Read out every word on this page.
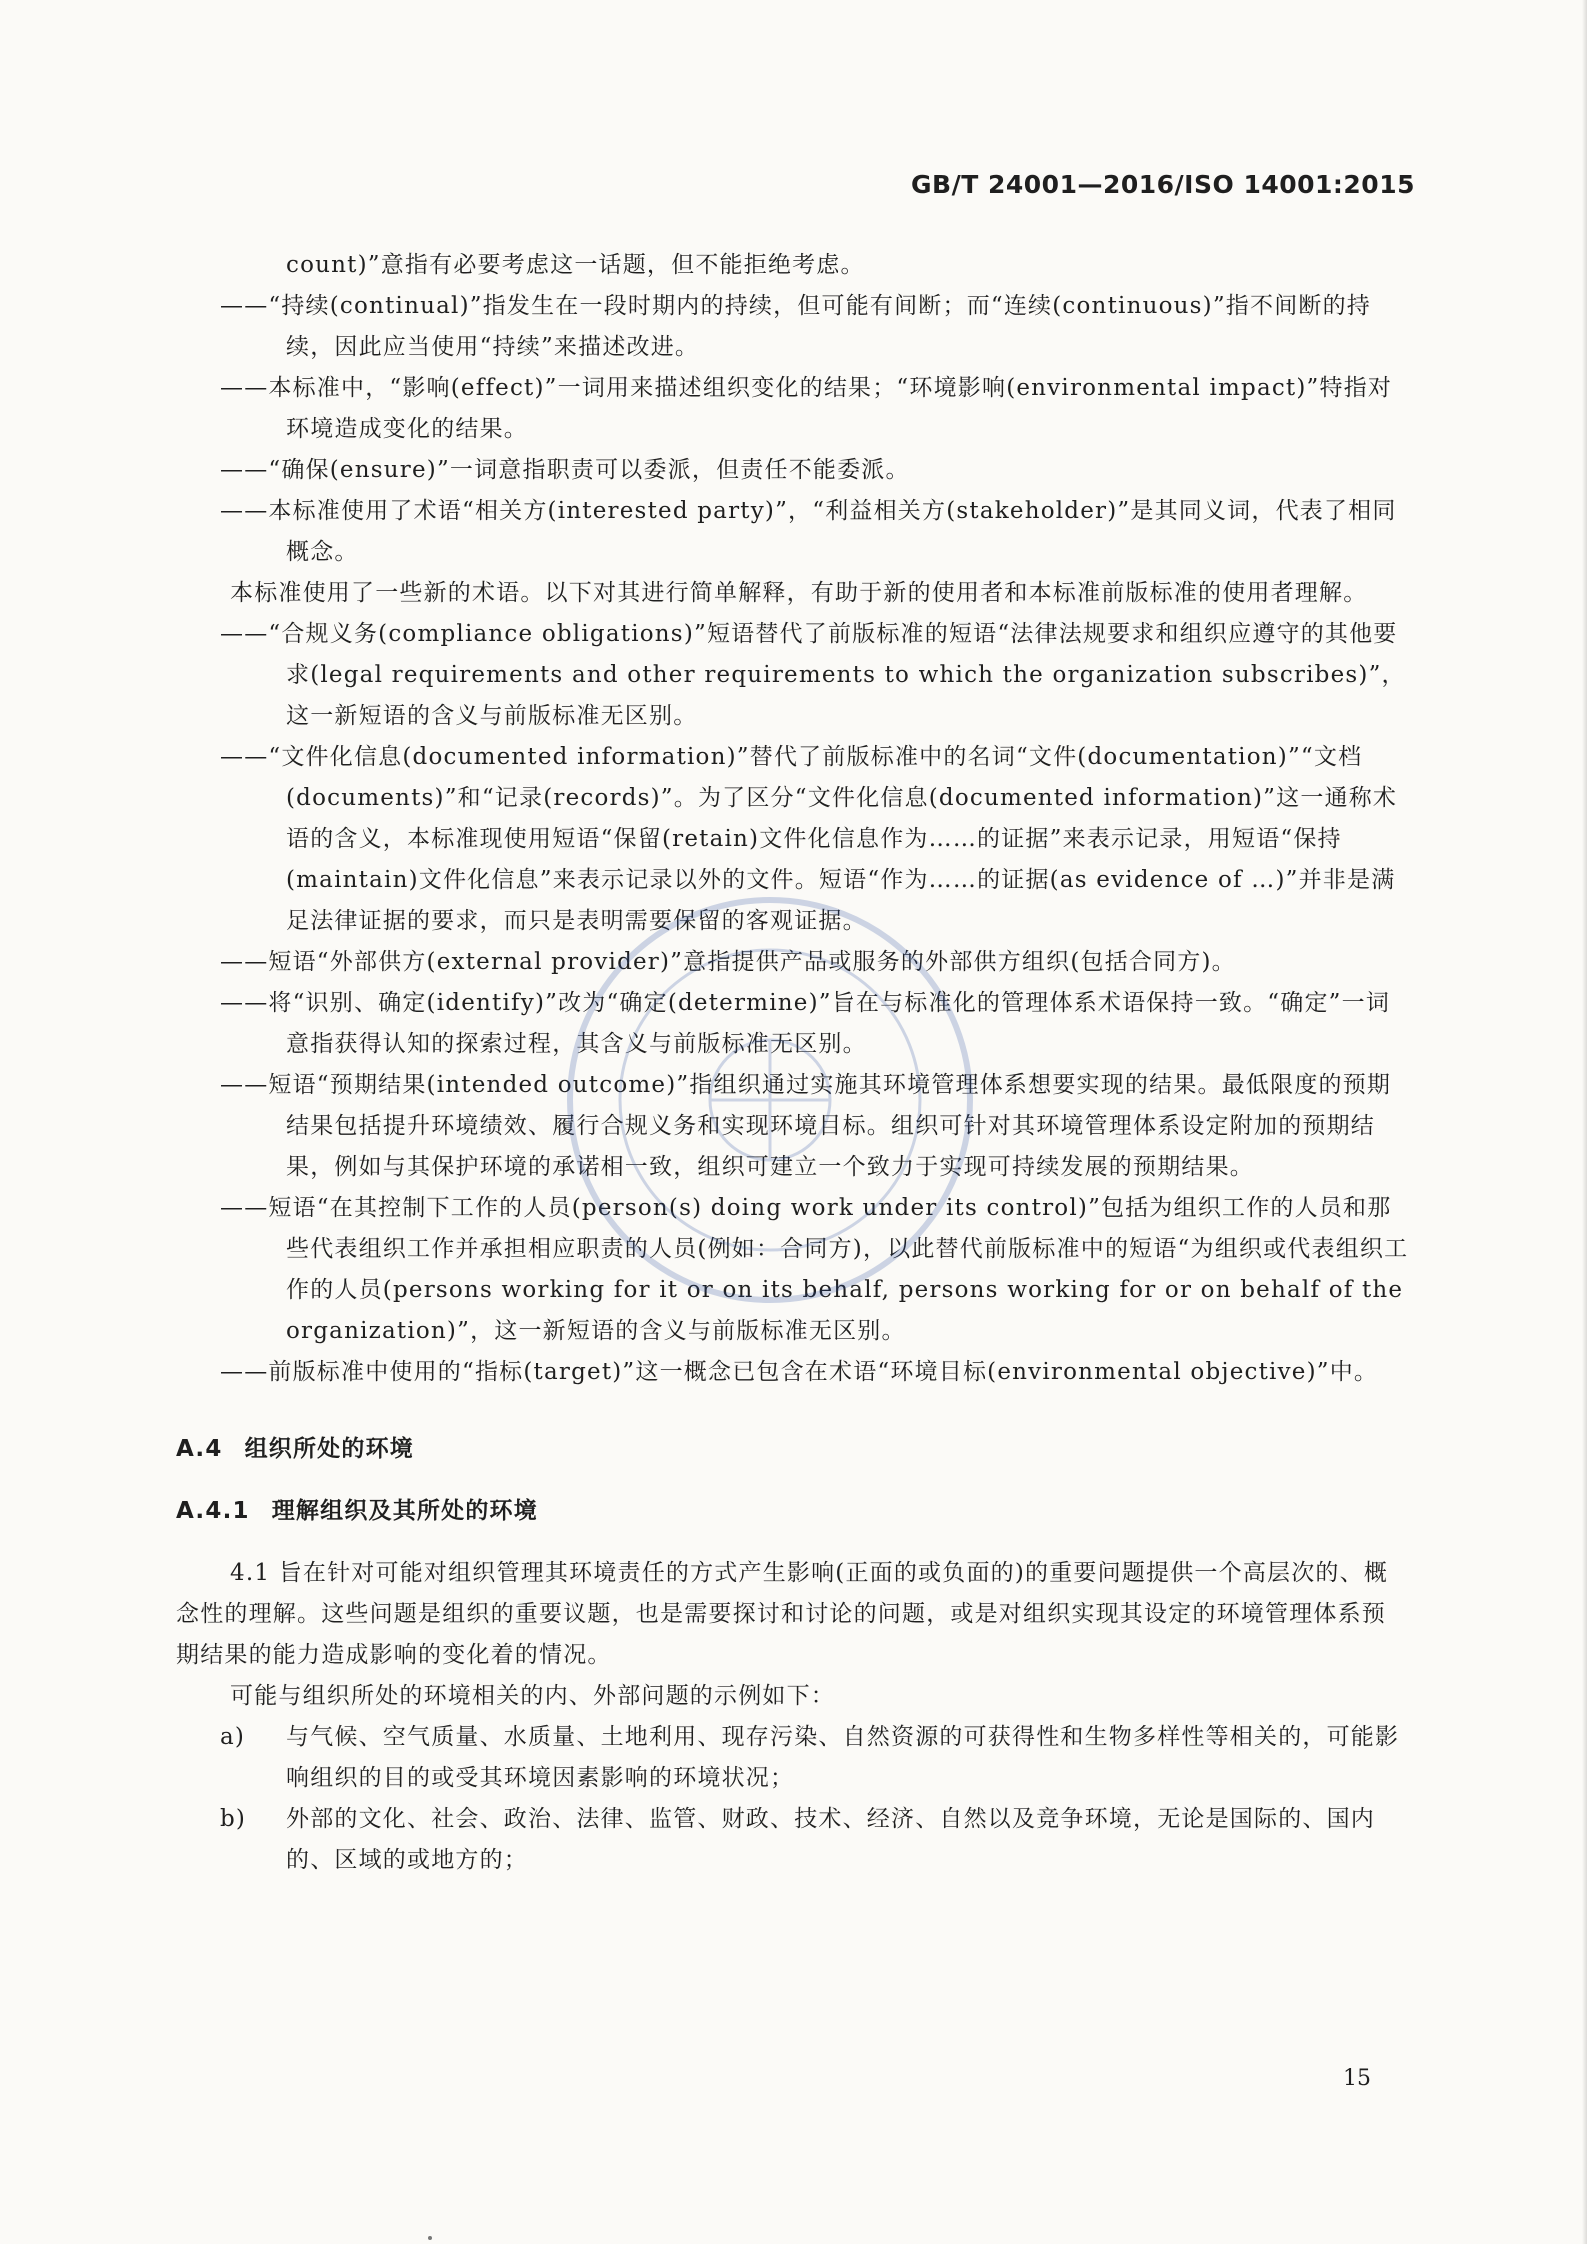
GB/T 24001—2016/ISO 14001:2015

count)”意指有必要考虑这一话题，但不能拒绝考虑。

——“持续(continual)”指发生在一段时期内的持续，但可能有间断；而“连续(continuous)”指不间断的持续，因此应当使用“持续”来描述改进。

——本标准中，“影响(effect)”一词用来描述组织变化的结果；“环境影响(environmental impact)”特指对环境造成变化的结果。

——“确保(ensure)”一词意指职责可以委派，但责任不能委派。

——本标准使用了术语“相关方(interested party)”，“利益相关方(stakeholder)”是其同义词，代表了相同概念。

本标准使用了一些新的术语。以下对其进行简单解释，有助于新的使用者和本标准前版标准的使用者理解。

——“合规义务(compliance obligations)”短语替代了前版标准的短语“法律法规要求和组织应遵守的其他要求(legal requirements and other requirements to which the organization subscribes)”，这一新短语的含义与前版标准无区别。

——“文件化信息(documented information)”替代了前版标准中的名词“文件(documentation)”“文档(documents)”和“记录(records)”。为了区分“文件化信息(documented information)”这一通称术语的含义，本标准现使用短语“保留(retain)文件化信息作为……的证据”来表示记录，用短语“保持(maintain)文件化信息”来表示记录以外的文件。短语“作为……的证据(as evidence of …)”并非是满足法律证据的要求，而只是表明需要保留的客观证据。

——短语“外部供方(external provider)”意指提供产品或服务的外部供方组织(包括合同方)。

——将“识别、确定(identify)”改为“确定(determine)”旨在与标准化的管理体系术语保持一致。“确定”一词意指获得认知的探索过程，其含义与前版标准无区别。

——短语“预期结果(intended outcome)”指组织通过实施其环境管理体系想要实现的结果。最低限度的预期结果包括提升环境绩效、履行合规义务和实现环境目标。组织可针对其环境管理体系设定附加的预期结果，例如与其保护环境的承诺相一致，组织可建立一个致力于实现可持续发展的预期结果。

——短语“在其控制下工作的人员(person(s) doing work under its control)”包括为组织工作的人员和那些代表组织工作并承担相应职责的人员(例如：合同方)，以此替代前版标准中的短语“为组织或代表组织工作的人员(persons working for it or on its behalf, persons working for or on behalf of the organization)”，这一新短语的含义与前版标准无区别。

——前版标准中使用的“指标(target)”这一概念已包含在术语“环境目标(environmental objective)”中。

A.4 组织所处的环境

A.4.1 理解组织及其所处的环境

4.1 旨在针对可能对组织管理其环境责任的方式产生影响(正面的或负面的)的重要问题提供一个高层次的、概念性的理解。这些问题是组织的重要议题，也是需要探讨和讨论的问题，或是对组织实现其设定的环境管理体系预期结果的能力造成影响的变化着的情况。

可能与组织所处的环境相关的内、外部问题的示例如下：

a) 与气候、空气质量、水质量、土地利用、现存污染、自然资源的可获得性和生物多样性等相关的，可能影响组织的目的或受其环境因素影响的环境状况；

b) 外部的文化、社会、政治、法律、监管、财政、技术、经济、自然以及竞争环境，无论是国际的、国内的、区域的或地方的；

15
